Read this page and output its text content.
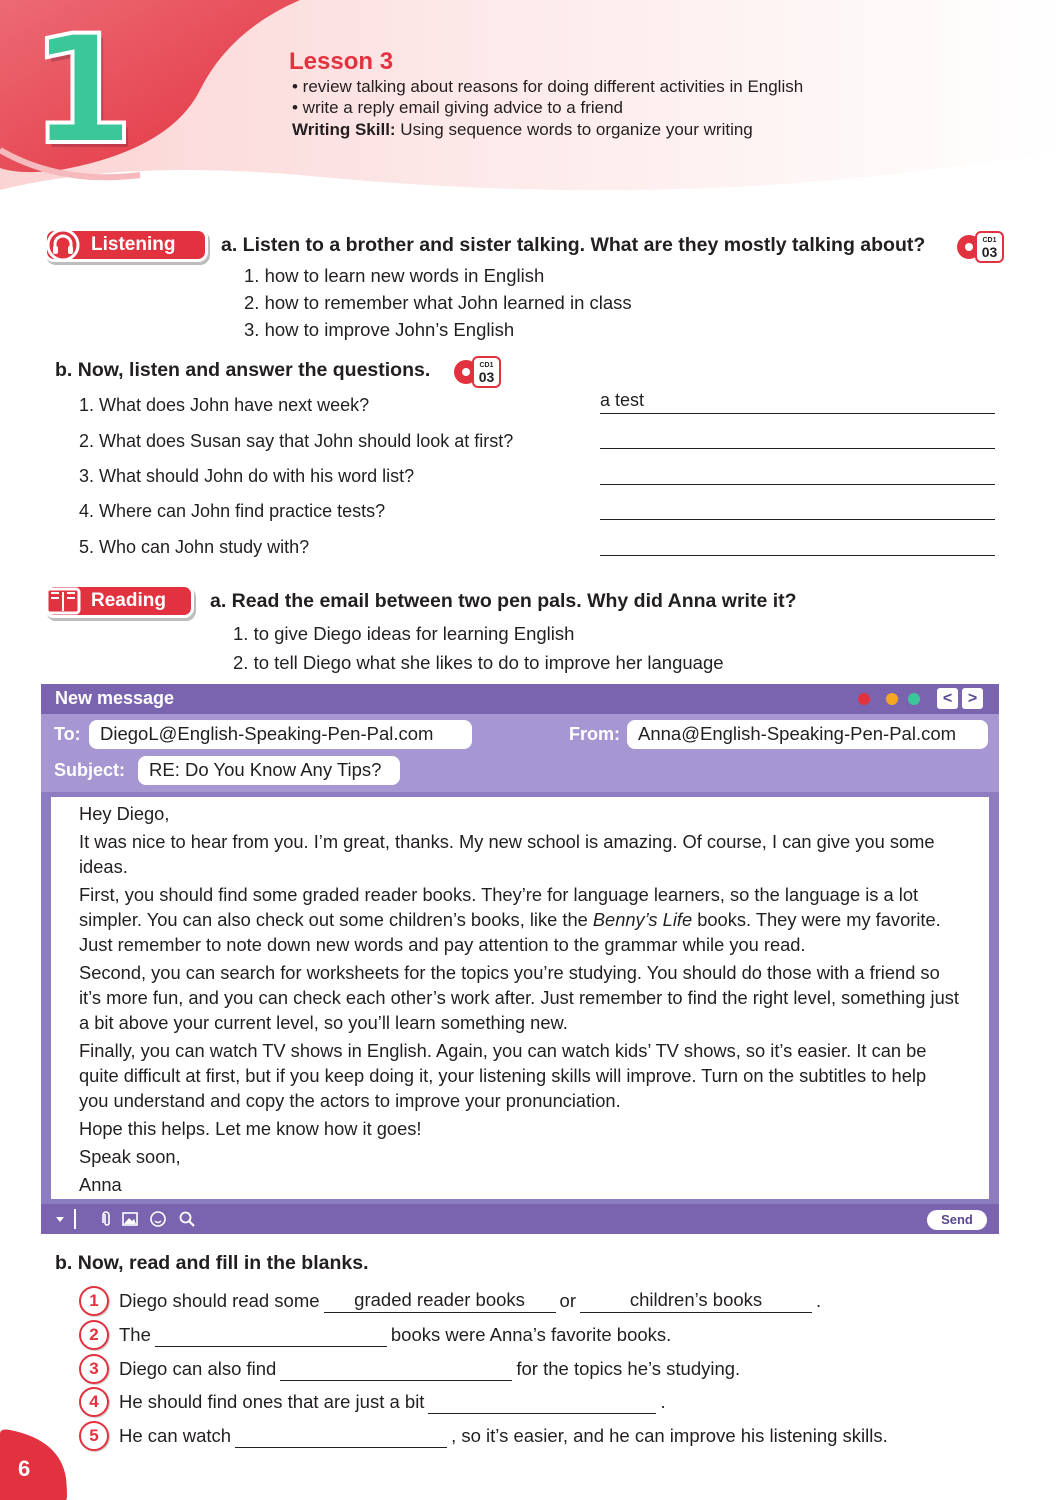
1	Lesson 3
• review talking about reasons for doing different activities in English
• write a reply email giving advice to a friend
Writing Skill: Using sequence words to organize your writing
Listening a. Listen to a brother and sister talking. What are they mostly talking about?	CD1
03
1. how to learn new words in English
2. how to remember what John learned in class
3. how to improve John’s English
b. Now, listen and answer the questions.	CD1
03
1. What does John have next week?	a test
2. What does Susan say that John should look at first?
3. What should John do with his word list?
4. Where can John find practice tests?
5. Who can John study with?
Reading a. Read the email between two pen pals. Why did Anna write it?
1. to give Diego ideas for learning English
2. to tell Diego what she likes to do to improve her language
New message	< >
To:	DiegoL@English-Speaking-Pen-Pal.com	From: Anna@English-Speaking-Pen-Pal.com
Subject:	RE: Do You Know Any Tips?

Hey Diego,

It was nice to hear from you. I’m great, thanks. My new school is amazing. Of course, I can give you some ideas.

First, you should find some graded reader books. They’re for language learners, so the language is a lot simpler. You can also check out some children’s books, like the Benny’s Life books. They were my favorite. Just remember to note down new words and pay attention to the grammar while you read.

Second, you can search for worksheets for the topics you’re studying. You should do those with a friend so it’s more fun, and you can check each other’s work after. Just remember to find the right level, something just a bit above your current level, so you’ll learn something new.

Finally, you can watch TV shows in English. Again, you can watch kids’ TV shows, so it’s easier. It can be quite difficult at first, but if you keep doing it, your listening skills will improve. Turn on the subtitles to help you understand and copy the actors to improve your pronunciation.

Hope this helps. Let me know how it goes!

Speak soon,

Anna

Send
b. Now, read and fill in the blanks.
1	Diego should read some	graded reader books	or	children’s books	.
2	The	books were Anna’s favorite books.
3	Diego can also find	for the topics he’s studying.
4	He should find ones that are just a bit	.
5	He can watch	, so it’s easier, and he can improve his listening skills.
6
